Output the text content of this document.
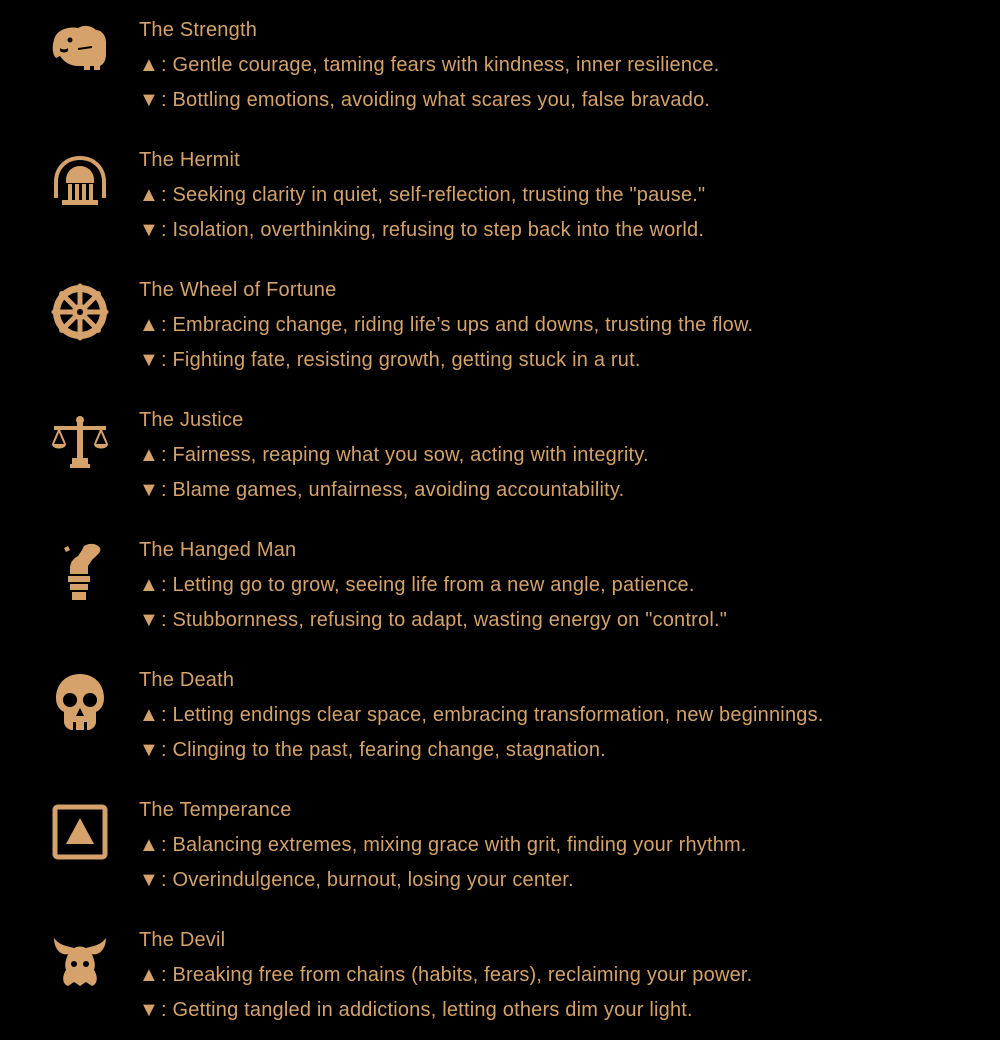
The Strength
▲ : Gentle courage, taming fears with kindness, inner resilience.
▼ : Bottling emotions, avoiding what scares you, false bravado.
The Hermit
▲ : Seeking clarity in quiet, self-reflection, trusting the "pause."
▼ : Isolation, overthinking, refusing to step back into the world.
The Wheel of Fortune
▲ : Embracing change, riding life’s ups and downs, trusting the flow.
▼ : Fighting fate, resisting growth, getting stuck in a rut.
The Justice
▲ : Fairness, reaping what you sow, acting with integrity.
▼ : Blame games, unfairness, avoiding accountability.
The Hanged Man
▲ : Letting go to grow, seeing life from a new angle, patience.
▼ : Stubbornness, refusing to adapt, wasting energy on "control."
The Death
▲ : Letting endings clear space, embracing transformation, new beginnings.
▼ : Clinging to the past, fearing change, stagnation.
The Temperance
▲ : Balancing extremes, mixing grace with grit, finding your rhythm.
▼ : Overindulgence, burnout, losing your center.
The Devil
▲ : Breaking free from chains (habits, fears), reclaiming your power.
▼ : Getting tangled in addictions, letting others dim your light.
